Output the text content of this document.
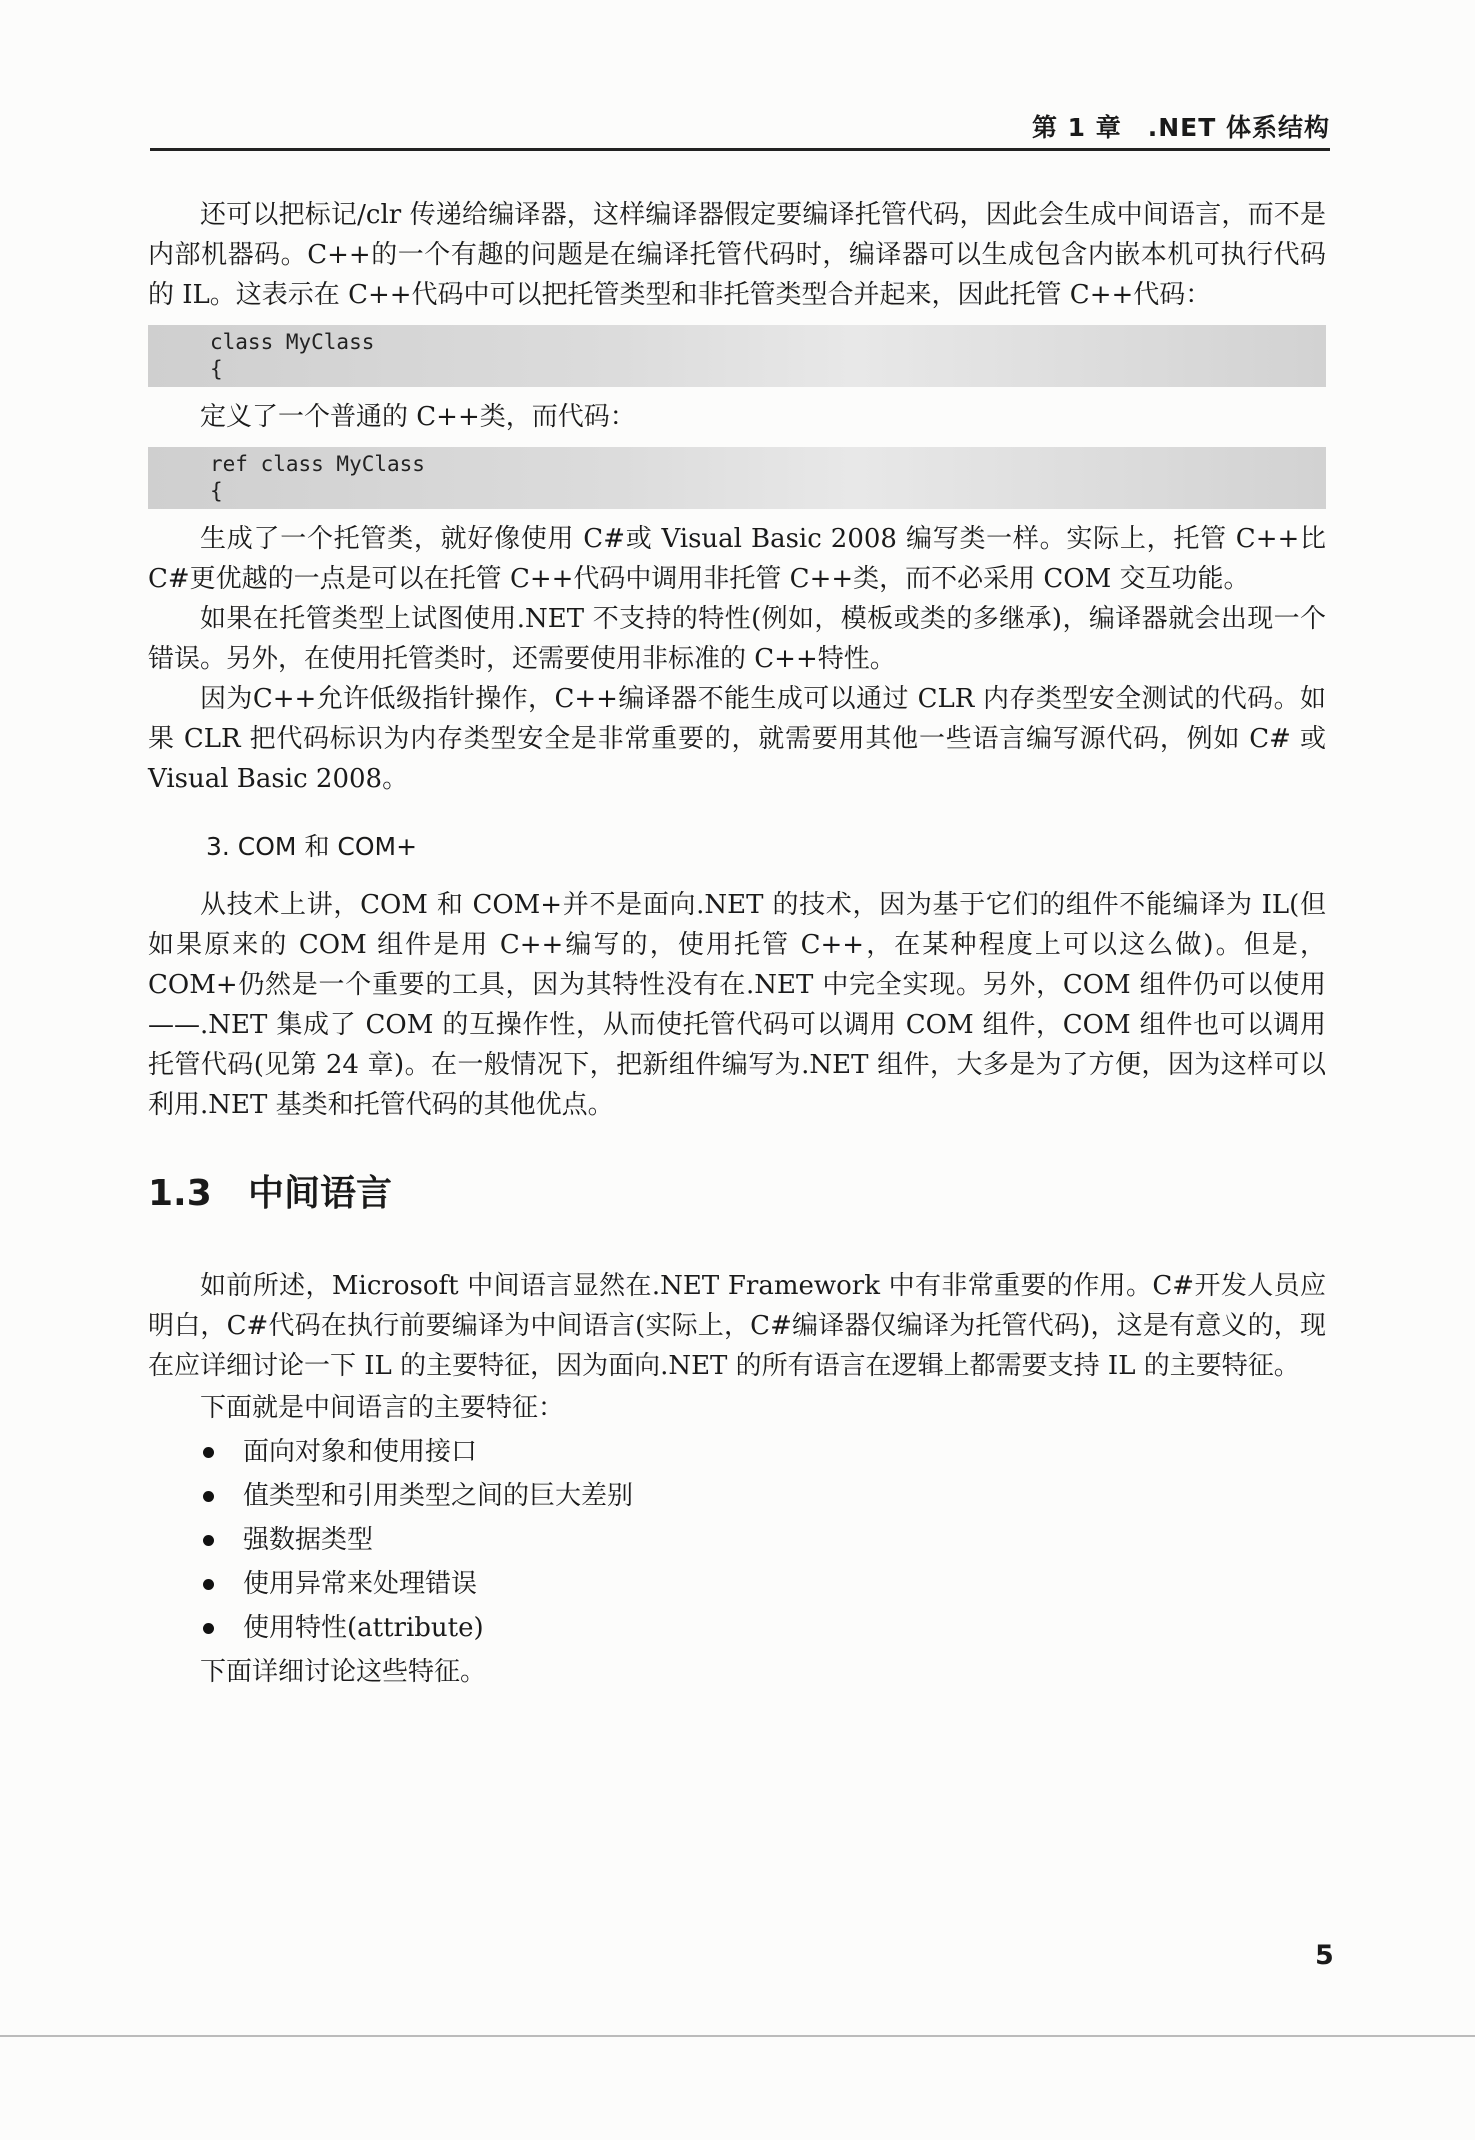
第 1 章　.NET 体系结构

还可以把标记/clr 传递给编译器，这样编译器假定要编译托管代码，因此会生成中间语言，而不是内部机器码。C++的一个有趣的问题是在编译托管代码时，编译器可以生成包含内嵌本机可执行代码的 IL。这表示在 C++代码中可以把托管类型和非托管类型合并起来，因此托管 C++代码：

class MyClass
{

定义了一个普通的 C++类，而代码：

ref class MyClass
{

生成了一个托管类，就好像使用 C#或 Visual Basic 2008 编写类一样。实际上，托管 C++比 C#更优越的一点是可以在托管 C++代码中调用非托管 C++类，而不必采用 COM 交互功能。

如果在托管类型上试图使用.NET 不支持的特性(例如，模板或类的多继承)，编译器就会出现一个错误。另外，在使用托管类时，还需要使用非标准的 C++特性。

因为C++允许低级指针操作，C++编译器不能生成可以通过 CLR 内存类型安全测试的代码。如果 CLR 把代码标识为内存类型安全是非常重要的，就需要用其他一些语言编写源代码，例如 C# 或 Visual Basic 2008。

3. COM 和 COM+

从技术上讲，COM 和 COM+并不是面向.NET 的技术，因为基于它们的组件不能编译为 IL(但如果原来的 COM 组件是用 C++编写的，使用托管 C++，在某种程度上可以这么做)。但是，COM+仍然是一个重要的工具，因为其特性没有在.NET 中完全实现。另外，COM 组件仍可以使用——.NET 集成了 COM 的互操作性，从而使托管代码可以调用 COM 组件，COM 组件也可以调用托管代码(见第 24 章)。在一般情况下，把新组件编写为.NET 组件，大多是为了方便，因为这样可以利用.NET 基类和托管代码的其他优点。

1.3 中间语言

如前所述，Microsoft 中间语言显然在.NET Framework 中有非常重要的作用。C#开发人员应明白，C#代码在执行前要编译为中间语言(实际上，C#编译器仅编译为托管代码)，这是有意义的，现在应详细讨论一下 IL 的主要特征，因为面向.NET 的所有语言在逻辑上都需要支持 IL 的主要特征。

下面就是中间语言的主要特征：

面向对象和使用接口
值类型和引用类型之间的巨大差别
强数据类型
使用异常来处理错误
使用特性(attribute)

下面详细讨论这些特征。

5
